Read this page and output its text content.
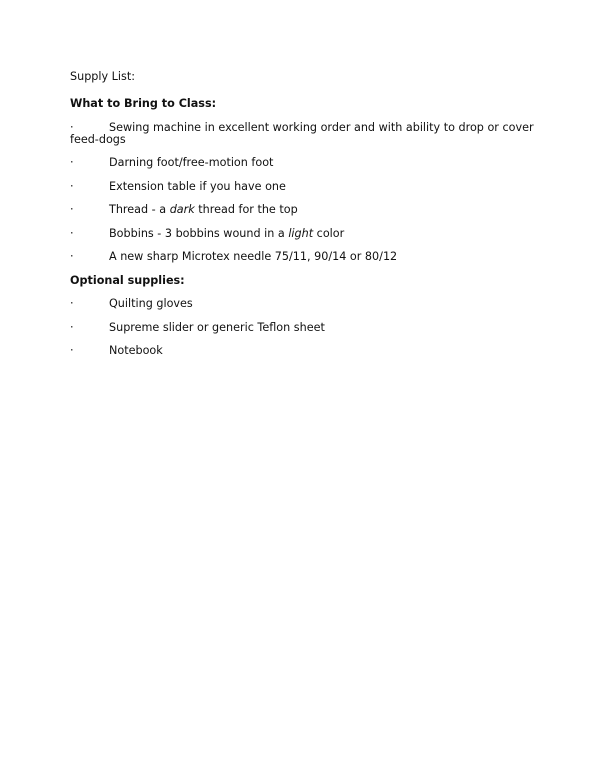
Supply List:
What to Bring to Class:
·	Sewing machine in excellent working order and with ability to drop or cover
feed-dogs
·	Darning foot/free-motion foot
·	Extension table if you have one
·	Thread - a dark thread for the top
·	Bobbins - 3 bobbins wound in a light color
·	A new sharp Microtex needle 75/11, 90/14 or 80/12
Optional supplies:
·	Quilting gloves
·	Supreme slider or generic Teflon sheet
·	Notebook
